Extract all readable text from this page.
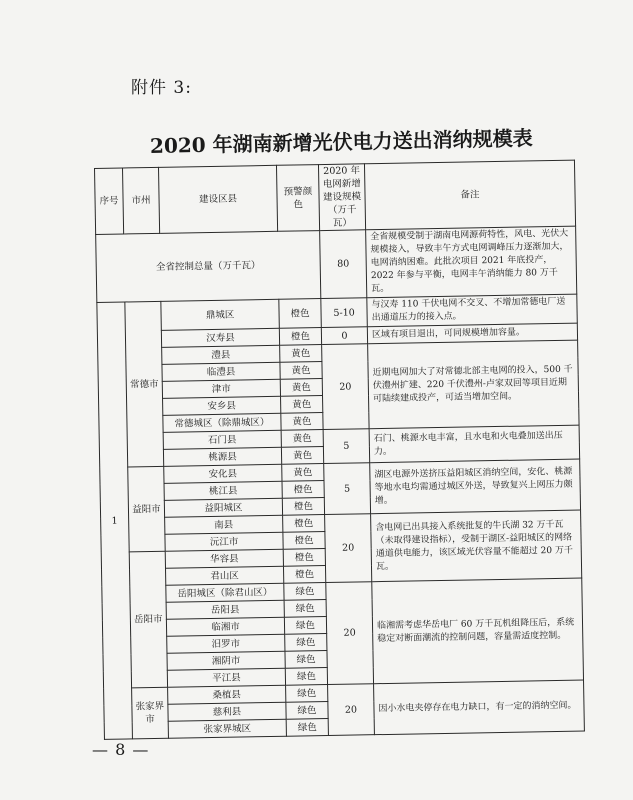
附件 3:
2020 年湖南新增光伏电力送出消纳规模表
序号	市州	建设区县	预警颜色	2020 年电网新增建设规模（万千瓦）	备注
全省控制总量（万千瓦）				80	全省规模受制于湖南电网源荷特性，风电、光伏大规模接入，导致丰午方式电网调峰压力逐渐加大，电网消纳困难。此批次项目 2021 年底投产，2022 年参与平衡，电网丰午消纳能力 80 万千瓦。
1	常德市	鼎城区	橙色	5-10	与汉寿 110 千伏电网不交叉、不增加常德电厂送出通道压力的接入点。
		汉寿县	橙色	0	区域有项目退出，可同规模增加容量。
		澧县	黄色	20	近期电网加大了对常德北部主电网的投入，500 千伏澧州扩建、220 千伏澧州-卢家双回等项目近期可陆续建成投产，可适当增加空间。
		临澧县	黄色		
		津市	黄色		
		安乡县	黄色		
		常德城区（除鼎城区）	黄色		
		石门县	黄色	5	石门、桃源水电丰富，且水电和火电叠加送出压力。
		桃源县	黄色		
	益阳市	安化县	黄色	5	湖区电源外送挤压益阳城区消纳空间，安化、桃源等地水电均需通过城区外送，导致复兴上网压力颇增。
		桃江县	橙色		
		益阳城区	橙色		
		南县	橙色	20	含电网已出具接入系统批复的牛氏湖 32 万千瓦（未取得建设指标），受制于湖区-益阳城区的网络通道供电能力，该区域光伏容量不能超过 20 万千瓦。
		沅江市	橙色		
	岳阳市	华容县	橙色		
		君山区	橙色		
		岳阳城区（除君山区）	绿色	20	临湘需考虑华岳电厂 60 万千瓦机组降压后，系统稳定对断面潮流的控制问题，容量需适度控制。
		岳阳县	绿色		
		临湘市	绿色		
		汨罗市	绿色		
		湘阴市	绿色		
		平江县	绿色		
	张家界市	桑植县	绿色	20	因小水电夹停存在电力缺口，有一定的消纳空间。
		慈利县	绿色		
		张家界城区	绿色		
— 8 —
